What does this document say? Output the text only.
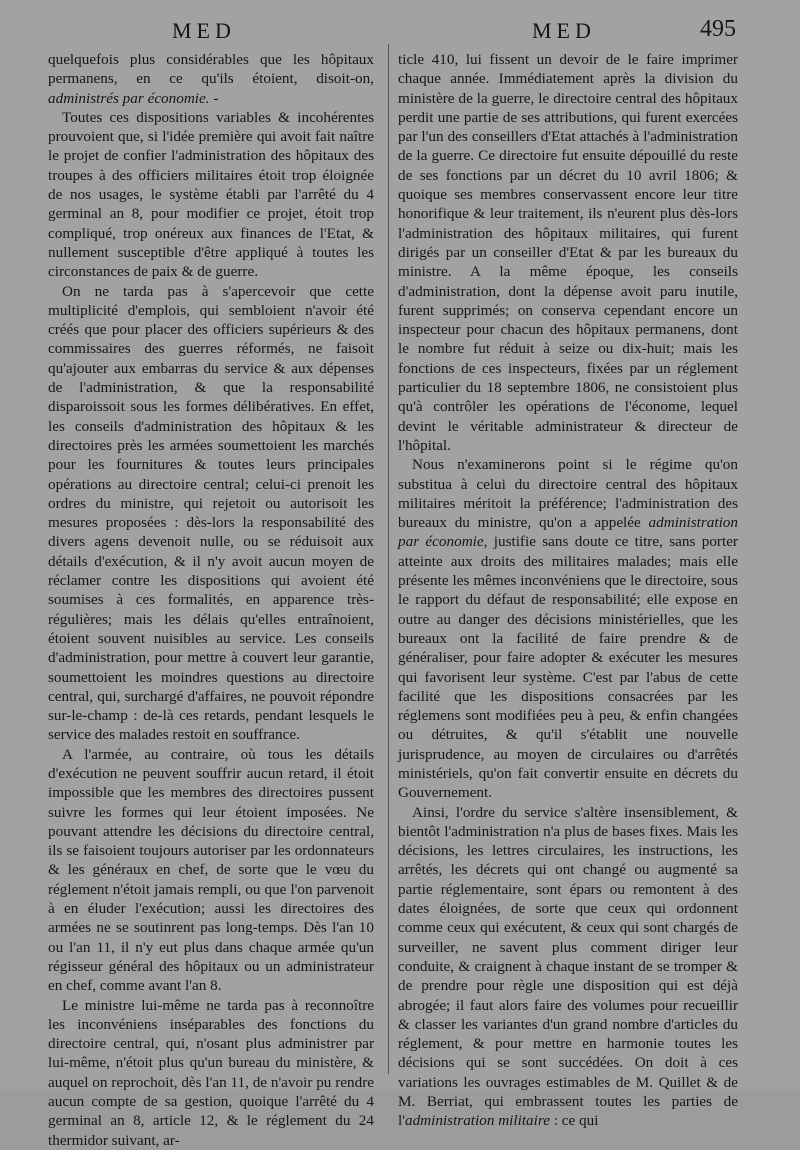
MED	MED	495

quelquefois plus considérables que les hôpitaux permanens, en ce qu'ils étoient, disoit-on, administrés par économie. -

Toutes ces dispositions variables & incohérentes prouvoient que, si l'idée première qui avoit fait naître le projet de confier l'administration des hôpitaux des troupes à des officiers militaires étoit trop éloignée de nos usages, le système établi par l'arrêté du 4 germinal an 8, pour modifier ce projet, étoit trop compliqué, trop onéreux aux finances de l'Etat, & nullement susceptible d'être appliqué à toutes les circonstances de paix & de guerre.

On ne tarda pas à s'apercevoir que cette multiplicité d'emplois, qui sembloient n'avoir été créés que pour placer des officiers supérieurs & des commissaires des guerres réformés, ne faisoit qu'ajouter aux embarras du service & aux dépenses de l'administration, & que la responsabilité disparoissoit sous les formes délibératives. En effet, les conseils d'administration des hôpitaux & les directoires près les armées soumettoient les marchés pour les fournitures & toutes leurs principales opérations au directoire central; celui-ci prenoit les ordres du ministre, qui rejetoit ou autorisoit les mesures proposées : dès-lors la responsabilité des divers agens devenoit nulle, ou se réduisoit aux détails d'exécution, & il n'y avoit aucun moyen de réclamer contre les dispositions qui avoient été soumises à ces formalités, en apparence très-régulières; mais les délais qu'elles entraînoient, étoient souvent nuisibles au service. Les conseils d'administration, pour mettre à couvert leur garantie, soumettoient les moindres questions au directoire central, qui, surchargé d'affaires, ne pouvoit répondre sur-le-champ : de-là ces retards, pendant lesquels le service des malades restoit en souffrance.

A l'armée, au contraire, où tous les détails d'exécution ne peuvent souffrir aucun retard, il étoit impossible que les membres des directoires pussent suivre les formes qui leur étoient imposées. Ne pouvant attendre les décisions du directoire central, ils se faisoient toujours autoriser par les ordonnateurs & les généraux en chef, de sorte que le vœu du réglement n'étoit jamais rempli, ou que l'on parvenoit à en éluder l'exécution; aussi les directoires des armées ne se soutinrent pas long-temps. Dès l'an 10 ou l'an 11, il n'y eut plus dans chaque armée qu'un régisseur général des hôpitaux ou un administrateur en chef, comme avant l'an 8.

Le ministre lui-même ne tarda pas à reconnoître les inconvéniens inséparables des fonctions du directoire central, qui, n'osant plus administrer par lui-même, n'étoit plus qu'un bureau du ministère, & auquel on reprochoit, dès l'an 11, de n'avoir pu rendre aucun compte de sa gestion, quoique l'arrêté du 4 germinal an 8, article 12, & le réglement du 24 thermidor suivant, ar-

ticle 410, lui fissent un devoir de le faire imprimer chaque année. Immédiatement après la division du ministère de la guerre, le directoire central des hôpitaux perdit une partie de ses attributions, qui furent exercées par l'un des conseillers d'Etat attachés à l'administration de la guerre. Ce directoire fut ensuite dépouillé du reste de ses fonctions par un décret du 10 avril 1806; & quoique ses membres conservassent encore leur titre honorifique & leur traitement, ils n'eurent plus dès-lors l'administration des hôpitaux militaires, qui furent dirigés par un conseiller d'Etat & par les bureaux du ministre. A la même époque, les conseils d'administration, dont la dépense avoit paru inutile, furent supprimés; on conserva cependant encore un inspecteur pour chacun des hôpitaux permanens, dont le nombre fut réduit à seize ou dix-huit; mais les fonctions de ces inspecteurs, fixées par un réglement particulier du 18 septembre 1806, ne consistoient plus qu'à contrôler les opérations de l'économe, lequel devint le véritable administrateur & directeur de l'hôpital.

Nous n'examinerons point si le régime qu'on substitua à celui du directoire central des hôpitaux militaires méritoit la préférence; l'administration des bureaux du ministre, qu'on a appelée administration par économie, justifie sans doute ce titre, sans porter atteinte aux droits des militaires malades; mais elle présente les mêmes inconvéniens que le directoire, sous le rapport du défaut de responsabilité; elle expose en outre au danger des décisions ministérielles, que les bureaux ont la facilité de faire prendre & de généraliser, pour faire adopter & exécuter les mesures qui favorisent leur système. C'est par l'abus de cette facilité que les dispositions consacrées par les réglemens sont modifiées peu à peu, & enfin changées ou détruites, & qu'il s'établit une nouvelle jurisprudence, au moyen de circulaires ou d'arrêtés ministériels, qu'on fait convertir ensuite en décrets du Gouvernement.

Ainsi, l'ordre du service s'altère insensiblement, & bientôt l'administration n'a plus de bases fixes. Mais les décisions, les lettres circulaires, les instructions, les arrêtés, les décrets qui ont changé ou augmenté sa partie réglementaire, sont épars ou remontent à des dates éloignées, de sorte que ceux qui ordonnent comme ceux qui exécutent, & ceux qui sont chargés de surveiller, ne savent plus comment diriger leur conduite, & craignent à chaque instant de se tromper & de prendre pour règle une disposition qui est déjà abrogée; il faut alors faire des volumes pour recueillir & classer les variantes d'un grand nombre d'articles du réglement, & pour mettre en harmonie toutes les décisions qui se sont succédées. On doit à ces variations les ouvrages estimables de M. Quillet & de M. Berriat, qui embrassent toutes les parties de l'administration militaire : ce qui
